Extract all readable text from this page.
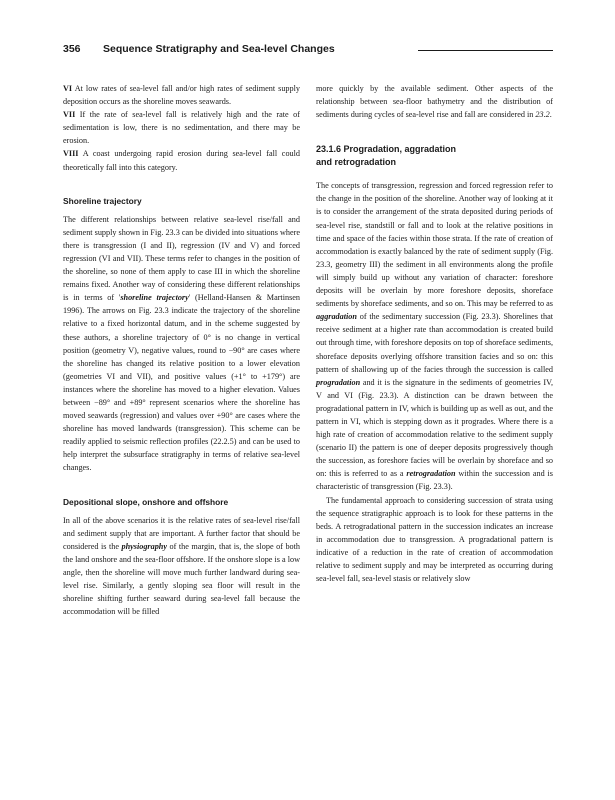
356 Sequence Stratigraphy and Sea-level Changes

VI At low rates of sea-level fall and/or high rates of sediment supply deposition occurs as the shoreline moves seawards.

VII If the rate of sea-level fall is relatively high and the rate of sedimentation is low, there is no sedimentation, and there may be erosion.

VIII A coast undergoing rapid erosion during sea-level fall could theoretically fall into this category.

Shoreline trajectory

The different relationships between relative sea-level rise/fall and sediment supply shown in Fig. 23.3 can be divided into situations where there is transgression (I and II), regression (IV and V) and forced regression (VI and VII). These terms refer to changes in the position of the shoreline, so none of them apply to case III in which the shoreline remains fixed. Another way of considering these different relationships is in terms of 'shoreline trajectory' (Helland-Hansen & Martinsen 1996). The arrows on Fig. 23.3 indicate the trajectory of the shoreline relative to a fixed horizontal datum, and in the scheme suggested by these authors, a shoreline trajectory of 0° is no change in vertical position (geometry V), negative values, round to −90° are cases where the shoreline has changed its relative position to a lower elevation (geometries VI and VII), and positive values (+1° to +179°) are instances where the shoreline has moved to a higher elevation. Values between −89° and +89° represent scenarios where the shoreline has moved seawards (regression) and values over +90° are cases where the shoreline has moved landwards (transgression). This scheme can be readily applied to seismic reflection profiles (22.2.5) and can be used to help interpret the subsurface stratigraphy in terms of relative sea-level changes.

Depositional slope, onshore and offshore

In all of the above scenarios it is the relative rates of sea-level rise/fall and sediment supply that are important. A further factor that should be considered is the physiography of the margin, that is, the slope of both the land onshore and the sea-floor offshore. If the onshore slope is a low angle, then the shoreline will move much further landward during sea-level rise. Similarly, a gently sloping sea floor will result in the shoreline shifting further seaward during sea-level fall because the accommodation will be filled

more quickly by the available sediment. Other aspects of the relationship between sea-floor bathymetry and the distribution of sediments during cycles of sea-level rise and fall are considered in 23.2.

23.1.6 Progradation, aggradation
and retrogradation

The concepts of transgression, regression and forced regression refer to the change in the position of the shoreline. Another way of looking at it is to consider the arrangement of the strata deposited during periods of sea-level rise, standstill or fall and to look at the relative positions in time and space of the facies within those strata. If the rate of creation of accommodation is exactly balanced by the rate of sediment supply (Fig. 23.3, geometry III) the sediment in all environments along the profile will simply build up without any variation of character: foreshore deposits will be overlain by more foreshore deposits, shoreface sediments by shoreface sediments, and so on. This may be referred to as aggradation of the sedimentary succession (Fig. 23.3). Shorelines that receive sediment at a higher rate than accommodation is created build out through time, with foreshore deposits on top of shoreface sediments, shoreface deposits overlying offshore transition facies and so on: this pattern of shallowing up of the facies through the succession is called progradation and it is the signature in the sediments of geometries IV, V and VI (Fig. 23.3). A distinction can be drawn between the progradational pattern in IV, which is building up as well as out, and the pattern in VI, which is stepping down as it progrades. Where there is a high rate of creation of accommodation relative to the sediment supply (scenario II) the pattern is one of deeper deposits progressively though the succession, as foreshore facies will be overlain by shoreface and so on: this is referred to as a retrogradation within the succession and is characteristic of transgression (Fig. 23.3).

The fundamental approach to considering succession of strata using the sequence stratigraphic approach is to look for these patterns in the beds. A retrogradational pattern in the succession indicates an increase in accommodation due to transgression. A progradational pattern is indicative of a reduction in the rate of creation of accommodation relative to sediment supply and may be interpreted as occurring during sea-level fall, sea-level stasis or relatively slow
